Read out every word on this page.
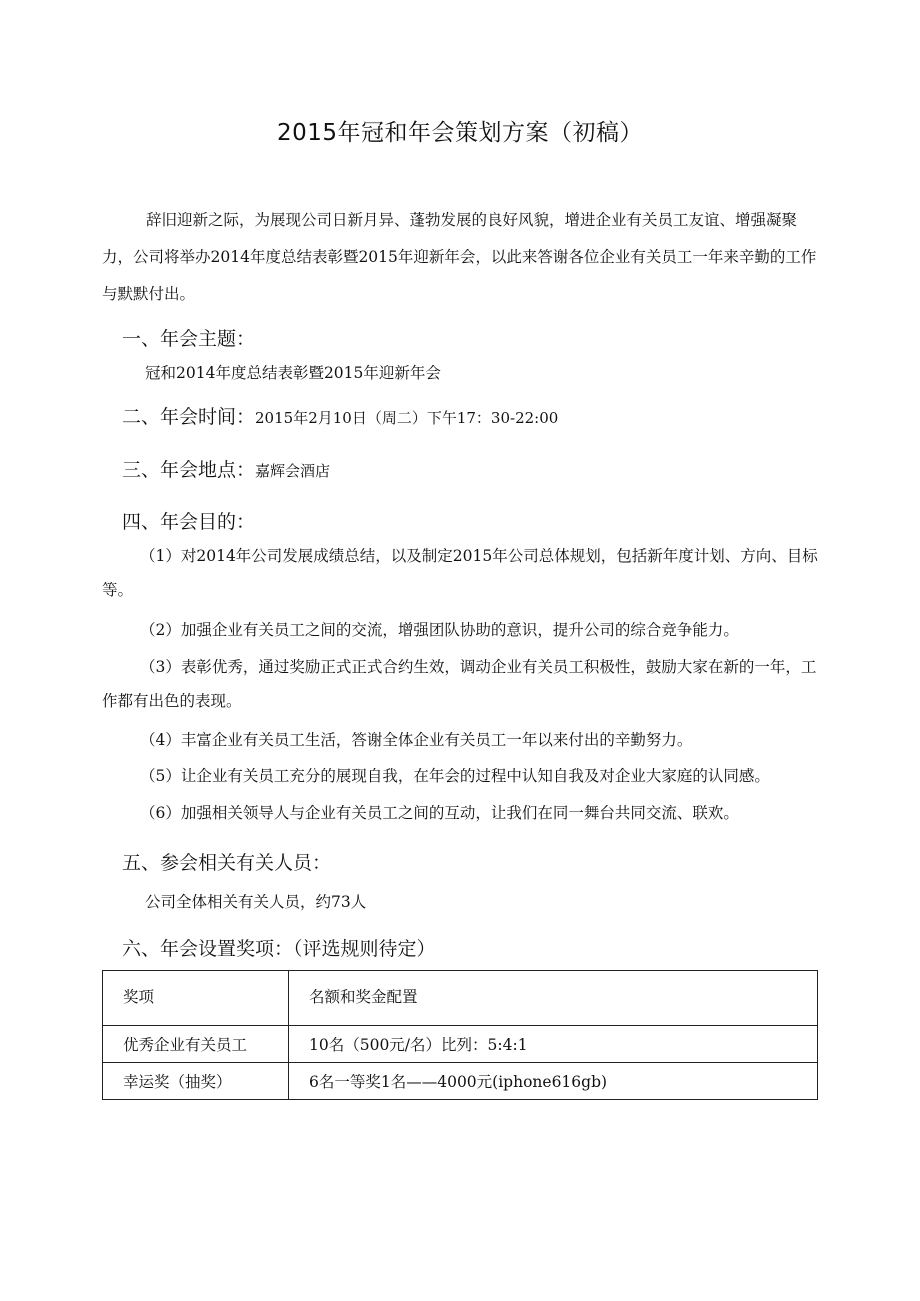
2015年冠和年会策划方案（初稿）
辞旧迎新之际，为展现公司日新月异、蓬勃发展的良好风貌，增进企业有关员工友谊、增强凝聚力，公司将举办2014年度总结表彰暨2015年迎新年会，以此来答谢各位企业有关员工一年来辛勤的工作与默默付出。
一、年会主题：
冠和2014年度总结表彰暨2015年迎新年会
二、年会时间：2015年2月10日（周二）下午17：30-22:00
三、年会地点：嘉辉会酒店
四、年会目的：
（1）对2014年公司发展成绩总结，以及制定2015年公司总体规划，包括新年度计划、方向、目标等。
（2）加强企业有关员工之间的交流，增强团队协助的意识，提升公司的综合竞争能力。
（3）表彰优秀，通过奖励正式正式合约生效，调动企业有关员工积极性，鼓励大家在新的一年，工作都有出色的表现。
（4）丰富企业有关员工生活，答谢全体企业有关员工一年以来付出的辛勤努力。
（5）让企业有关员工充分的展现自我，在年会的过程中认知自我及对企业大家庭的认同感。
（6）加强相关领导人与企业有关员工之间的互动，让我们在同一舞台共同交流、联欢。
五、参会相关有关人员：
公司全体相关有关人员，约73人
六、年会设置奖项：（评选规则待定）
奖项	名额和奖金配置
优秀企业有关员工	10名（500元/名）比列：5:4:1
幸运奖（抽奖）	6名一等奖1名——4000元(iphone616gb)
